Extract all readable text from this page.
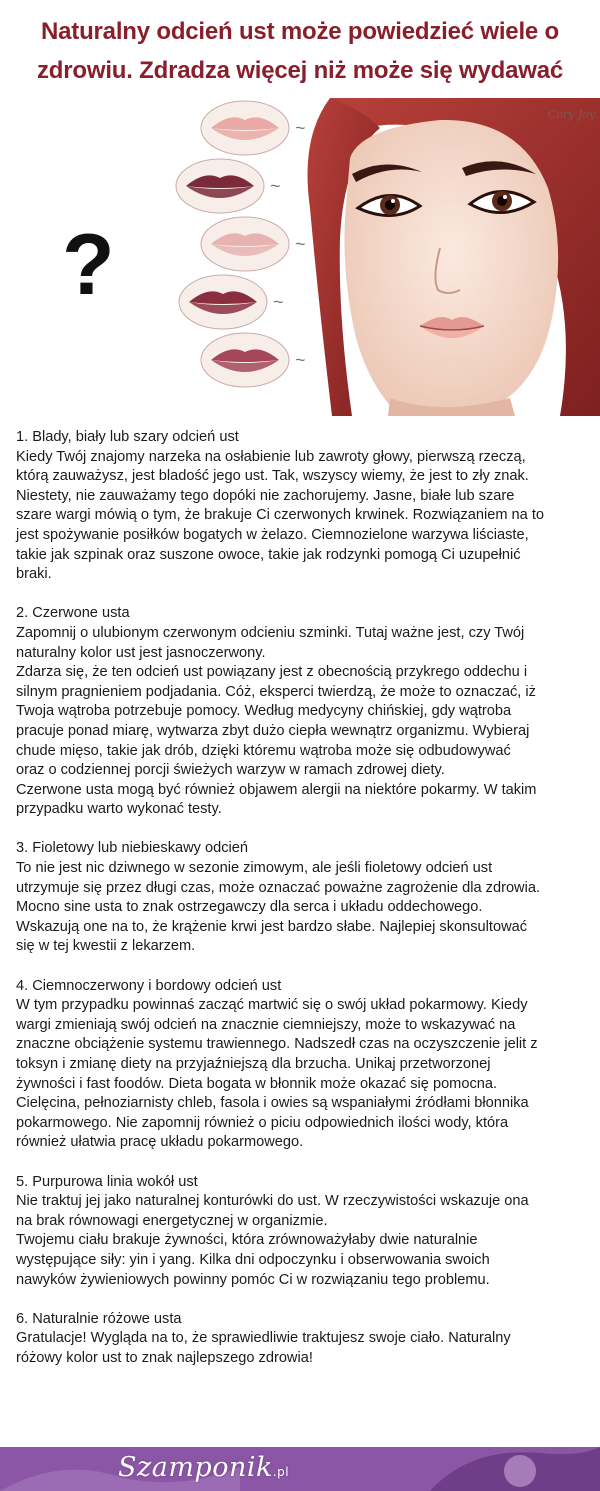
Naturalny odcień ust może powiedzieć wiele o
zdrowiu. Zdradza więcej niż może się wydawać
Cory Joy
?
~
~
~
~
~

1. Blady, biały lub szary odcień ust

Kiedy Twój znajomy narzeka na osłabienie lub zawroty głowy, pierwszą rzeczą,

którą zauważysz, jest bladość jego ust. Tak, wszyscy wiemy, że jest to zły znak.

Niestety, nie zauważamy tego dopóki nie zachorujemy. Jasne, białe lub szare

szare wargi mówią o tym, że brakuje Ci czerwonych krwinek. Rozwiązaniem na to

jest spożywanie posiłków bogatych w żelazo. Ciemnozielone warzywa liściaste,

takie jak szpinak oraz suszone owoce, takie jak rodzynki pomogą Ci uzupełnić

braki.

2. Czerwone usta

Zapomnij o ulubionym czerwonym odcieniu szminki. Tutaj ważne jest, czy Twój

naturalny kolor ust jest jasnoczerwony.

Zdarza się, że ten odcień ust powiązany jest z obecnością przykrego oddechu i

silnym pragnieniem podjadania. Cóż, eksperci twierdzą, że może to oznaczać, iż

Twoja wątroba potrzebuje pomocy. Według medycyny chińskiej, gdy wątroba

pracuje ponad miarę, wytwarza zbyt dużo ciepła wewnątrz organizmu. Wybieraj

chude mięso, takie jak drób, dzięki któremu wątroba może się odbudowywać

oraz o codziennej porcji świeżych warzyw w ramach zdrowej diety.

Czerwone usta mogą być również objawem alergii na niektóre pokarmy. W takim

przypadku warto wykonać testy.

3. Fioletowy lub niebieskawy odcień

To nie jest nic dziwnego w sezonie zimowym, ale jeśli fioletowy odcień ust

utrzymuje się przez długi czas, może oznaczać poważne zagrożenie dla zdrowia.

Mocno sine usta to znak ostrzegawczy dla serca i układu oddechowego.

Wskazują one na to, że krążenie krwi jest bardzo słabe. Najlepiej skonsultować

się w tej kwestii z lekarzem.

4. Ciemnoczerwony i bordowy odcień ust

W tym przypadku powinnaś zacząć martwić się o swój układ pokarmowy. Kiedy

wargi zmieniają swój odcień na znacznie ciemniejszy, może to wskazywać na

znaczne obciążenie systemu trawiennego. Nadszedł czas na oczyszczenie jelit z

toksyn i zmianę diety na przyjaźniejszą dla brzucha. Unikaj przetworzonej

żywności i fast foodów. Dieta bogata w błonnik może okazać się pomocna.

Cielęcina, pełnoziarnisty chleb, fasola i owies są wspaniałymi źródłami błonnika

pokarmowego. Nie zapomnij również o piciu odpowiednich ilości wody, która

również ułatwia pracę układu pokarmowego.

5. Purpurowa linia wokół ust

Nie traktuj jej jako naturalnej konturówki do ust. W rzeczywistości wskazuje ona

na brak równowagi energetycznej w organizmie.

Twojemu ciału brakuje żywności, która zrównoważyłaby dwie naturalnie

występujące siły: yin i yang. Kilka dni odpoczynku i obserwowania swoich

nawyków żywieniowych powinny pomóc Ci w rozwiązaniu tego problemu.

6. Naturalnie różowe usta

Gratulacje! Wygląda na to, że sprawiedliwie traktujesz swoje ciało. Naturalny

różowy kolor ust to znak najlepszego zdrowia!

Szamponik.pl
